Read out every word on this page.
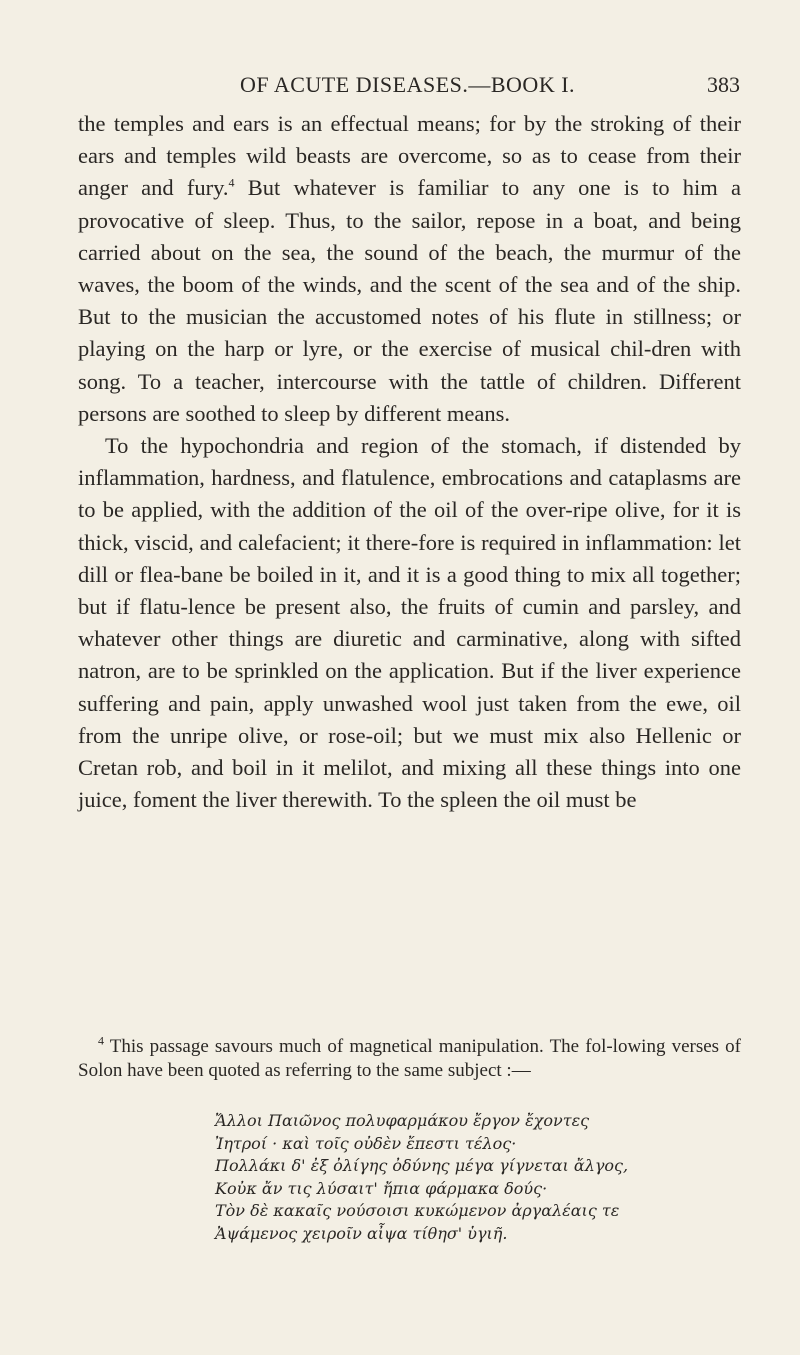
OF ACUTE DISEASES.—BOOK I.	383

the temples and ears is an effectual means; for by the stroking of their ears and temples wild beasts are overcome, so as to cease from their anger and fury.$^4$ But whatever is familiar to any one is to him a provocative of sleep. Thus, to the sailor, repose in a boat, and being carried about on the sea, the sound of the beach, the murmur of the waves, the boom of the winds, and the scent of the sea and of the ship. But to the musician the accustomed notes of his flute in stillness; or playing on the harp or lyre, or the exercise of musical chil-dren with song. To a teacher, intercourse with the tattle of children. Different persons are soothed to sleep by different means.

To the hypochondria and region of the stomach, if distended by inflammation, hardness, and flatulence, embrocations and cataplasms are to be applied, with the addition of the oil of the over-ripe olive, for it is thick, viscid, and calefacient; it there-fore is required in inflammation: let dill or flea-bane be boiled in it, and it is a good thing to mix all together; but if flatu-lence be present also, the fruits of cumin and parsley, and whatever other things are diuretic and carminative, along with sifted natron, are to be sprinkled on the application. But if the liver experience suffering and pain, apply unwashed wool just taken from the ewe, oil from the unripe olive, or rose-oil; but we must mix also Hellenic or Cretan rob, and boil in it melilot, and mixing all these things into one juice, foment the liver therewith. To the spleen the oil must be

$^4$ This passage savours much of magnetical manipulation. The fol-lowing verses of Solon have been quoted as referring to the same subject :—

Ἄλλοι Παιῶνος πολυφαρμάκου ἔργον ἔχοντες
Ἰητροί · καὶ τοῖς οὐδὲν ἔπεστι τέλος·
Πολλάκι δ' ἐξ ὀλίγης ὀδύνης μέγα γίγνεται ἄλγος,
Κοὐκ ἄν τις λύσαιτ' ἤπια φάρμακα δούς·
Τὸν δὲ κακαῖς νούσοισι κυκώμενον ἀργαλέαις τε
Ἀψάμενος χειροῖν αἶψα τίθησ' ὑγιῆ.
